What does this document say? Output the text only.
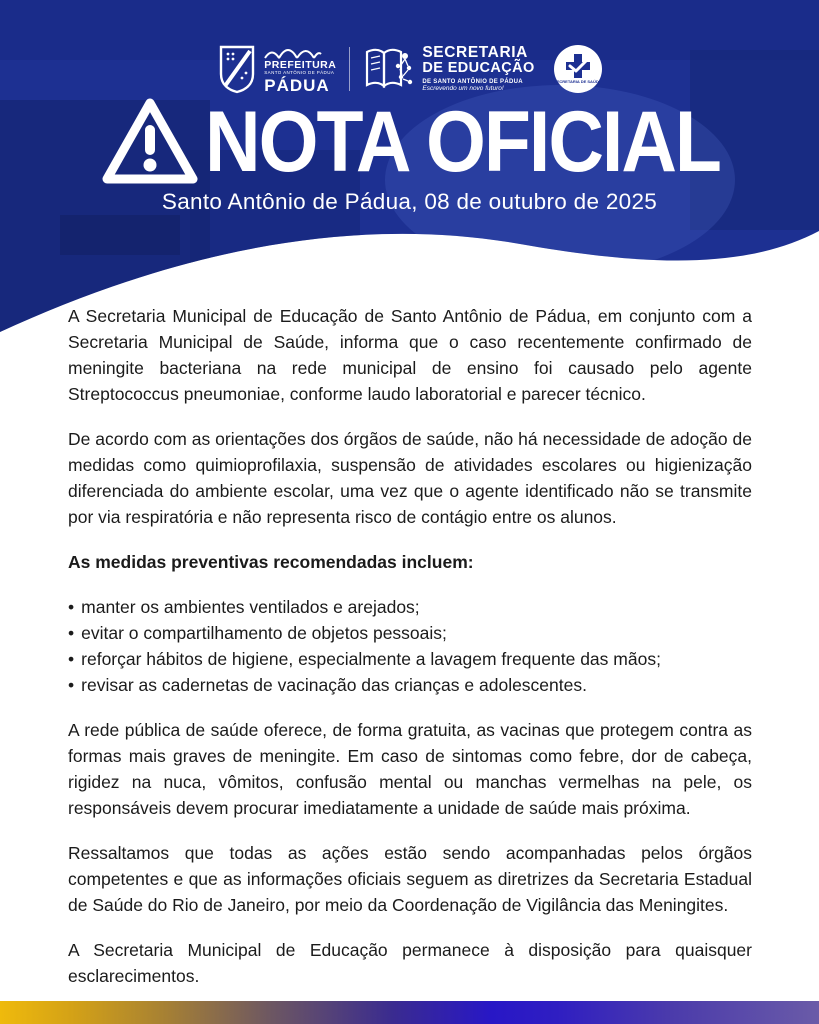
PREFEITURA
SANTO ANTÔNIO DE PÁDUA
PÁDUA
SECRETARIA
DE EDUCAÇÃO
DE SANTO ANTÔNIO DE PÁDUA
Escrevendo um novo futuro!
SECRETARIA DE SAÚDE
NOTA OFICIAL
Santo Antônio de Pádua, 08 de outubro de 2025

A Secretaria Municipal de Educação de Santo Antônio de Pádua, em conjunto com a Secretaria Municipal de Saúde, informa que o caso recentemente confirmado de meningite bacteriana na rede municipal de ensino foi causado pelo agente Streptococcus pneumoniae, conforme laudo laboratorial e parecer técnico.

De acordo com as orientações dos órgãos de saúde, não há necessidade de adoção de medidas como quimioprofilaxia, suspensão de atividades escolares ou higienização diferenciada do ambiente escolar, uma vez que o agente identificado não se transmite por via respiratória e não representa risco de contágio entre os alunos.

As medidas preventivas recomendadas incluem:

• manter os ambientes ventilados e arejados;
• evitar o compartilhamento de objetos pessoais;
• reforçar hábitos de higiene, especialmente a lavagem frequente das mãos;
• revisar as cadernetas de vacinação das crianças e adolescentes.

A rede pública de saúde oferece, de forma gratuita, as vacinas que protegem contra as formas mais graves de meningite. Em caso de sintomas como febre, dor de cabeça, rigidez na nuca, vômitos, confusão mental ou manchas vermelhas na pele, os responsáveis devem procurar imediatamente a unidade de saúde mais próxima.

Ressaltamos que todas as ações estão sendo acompanhadas pelos órgãos competentes e que as informações oficiais seguem as diretrizes da Secretaria Estadual de Saúde do Rio de Janeiro, por meio da Coordenação de Vigilância das Meningites.

A Secretaria Municipal de Educação permanece à disposição para quaisquer esclarecimentos.
